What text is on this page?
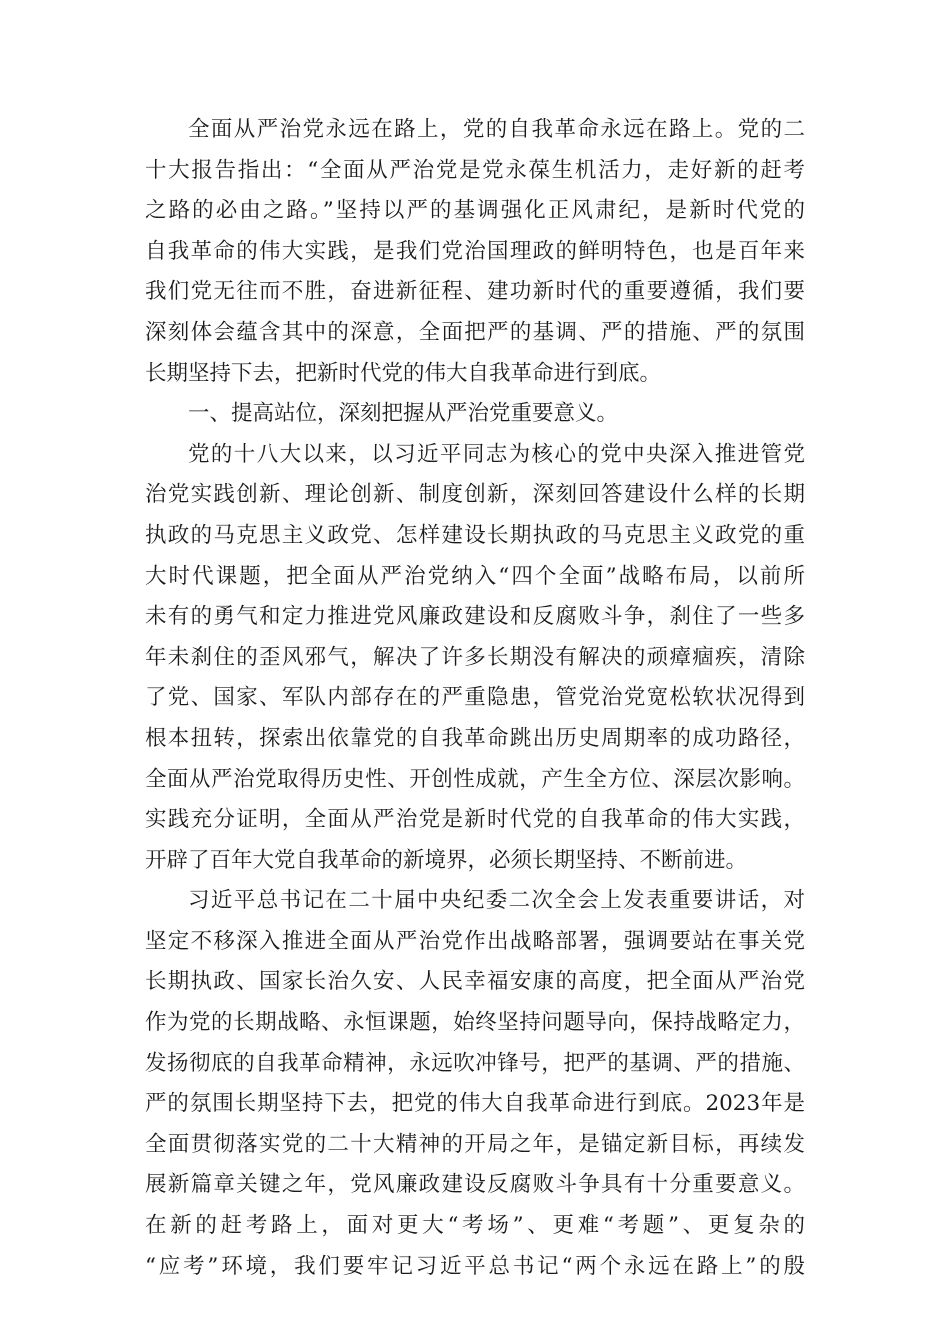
全面从严治党永远在路上，党的自我革命永远在路上。党的二
十大报告指出：“全面从严治党是党永葆生机活力，走好新的赶考
之路的必由之路。”坚持以严的基调强化正风肃纪，是新时代党的
自我革命的伟大实践，是我们党治国理政的鲜明特色，也是百年来
我们党无往而不胜，奋进新征程、建功新时代的重要遵循，我们要
深刻体会蕴含其中的深意，全面把严的基调、严的措施、严的氛围
长期坚持下去，把新时代党的伟大自我革命进行到底。
一、提高站位，深刻把握从严治党重要意义。
党的十八大以来，以习近平同志为核心的党中央深入推进管党
治党实践创新、理论创新、制度创新，深刻回答建设什么样的长期
执政的马克思主义政党、怎样建设长期执政的马克思主义政党的重
大时代课题，把全面从严治党纳入“四个全面”战略布局，以前所
未有的勇气和定力推进党风廉政建设和反腐败斗争，刹住了一些多
年未刹住的歪风邪气，解决了许多长期没有解决的顽瘴痼疾，清除
了党、国家、军队内部存在的严重隐患，管党治党宽松软状况得到
根本扭转，探索出依靠党的自我革命跳出历史周期率的成功路径，
全面从严治党取得历史性、开创性成就，产生全方位、深层次影响。
实践充分证明，全面从严治党是新时代党的自我革命的伟大实践，
开辟了百年大党自我革命的新境界，必须长期坚持、不断前进。
习近平总书记在二十届中央纪委二次全会上发表重要讲话，对
坚定不移深入推进全面从严治党作出战略部署，强调要站在事关党
长期执政、国家长治久安、人民幸福安康的高度，把全面从严治党
作为党的长期战略、永恒课题，始终坚持问题导向，保持战略定力，
发扬彻底的自我革命精神，永远吹冲锋号，把严的基调、严的措施、
严的氛围长期坚持下去，把党的伟大自我革命进行到底。2023年是
全面贯彻落实党的二十大精神的开局之年，是锚定新目标，再续发
展新篇章关键之年，党风廉政建设反腐败斗争具有十分重要意义。
在新的赶考路上，面对更大“考场”、更难“考题”、更复杂的
“应考”环境，我们要牢记习近平总书记“两个永远在路上”的殷
